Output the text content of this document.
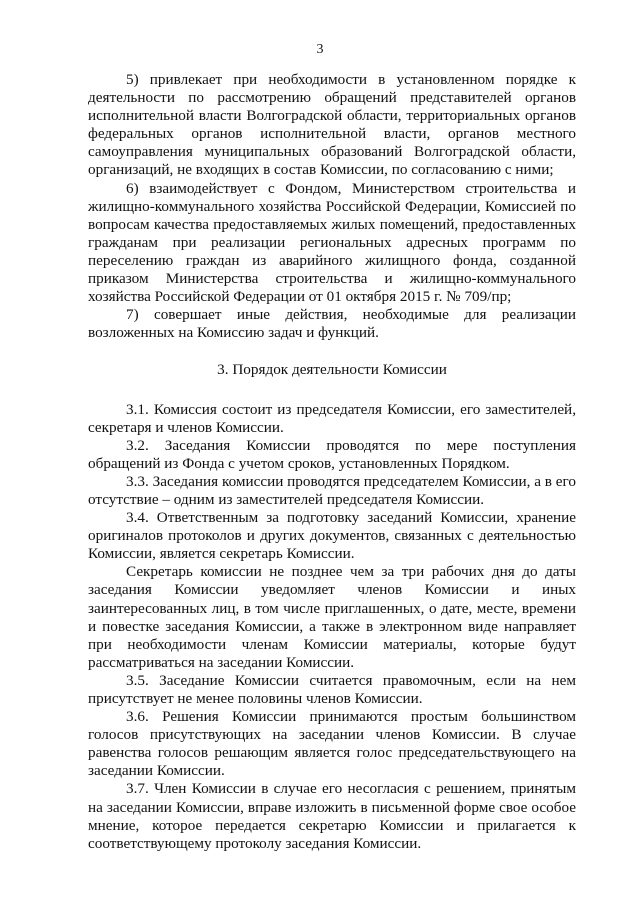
3

5) привлекает при необходимости в установленном порядке к деятельности по рассмотрению обращений представителей органов исполнительной власти Волгоградской области, территориальных органов федеральных органов исполнительной власти, органов местного самоуправления муниципальных образований Волгоградской области, организаций, не входящих в состав Комиссии, по согласованию с ними;

6) взаимодействует с Фондом, Министерством строительства и жилищно-коммунального хозяйства Российской Федерации, Комиссией по вопросам качества предоставляемых жилых помещений, предоставленных гражданам при реализации региональных адресных программ по переселению граждан из аварийного жилищного фонда, созданной приказом Министерства строительства и жилищно-коммунального хозяйства Российской Федерации от 01 октября 2015 г. № 709/пр;

7) совершает иные действия, необходимые для реализации возложенных на Комиссию задач и функций.

3. Порядок деятельности Комиссии

3.1. Комиссия состоит из председателя Комиссии, его заместителей, секретаря и членов Комиссии.

3.2. Заседания Комиссии проводятся по мере поступления обращений из Фонда с учетом сроков, установленных Порядком.

3.3. Заседания комиссии проводятся председателем Комиссии, а в его отсутствие – одним из заместителей председателя Комиссии.

3.4. Ответственным за подготовку заседаний Комиссии, хранение оригиналов протоколов и других документов, связанных с деятельностью Комиссии, является секретарь Комиссии.

Секретарь комиссии не позднее чем за три рабочих дня до даты заседания Комиссии уведомляет членов Комиссии и иных заинтересованных лиц, в том числе приглашенных, о дате, месте, времени и повестке заседания Комиссии, а также в электронном виде направляет при необходимости членам Комиссии материалы, которые будут рассматриваться на заседании Комиссии.

3.5. Заседание Комиссии считается правомочным, если на нем присутствует не менее половины членов Комиссии.

3.6. Решения Комиссии принимаются простым большинством голосов присутствующих на заседании членов Комиссии. В случае равенства голосов решающим является голос председательствующего на заседании Комиссии.

3.7. Член Комиссии в случае его несогласия с решением, принятым на заседании Комиссии, вправе изложить в письменной форме свое особое мнение, которое передается секретарю Комиссии и прилагается к соответствующему протоколу заседания Комиссии.
